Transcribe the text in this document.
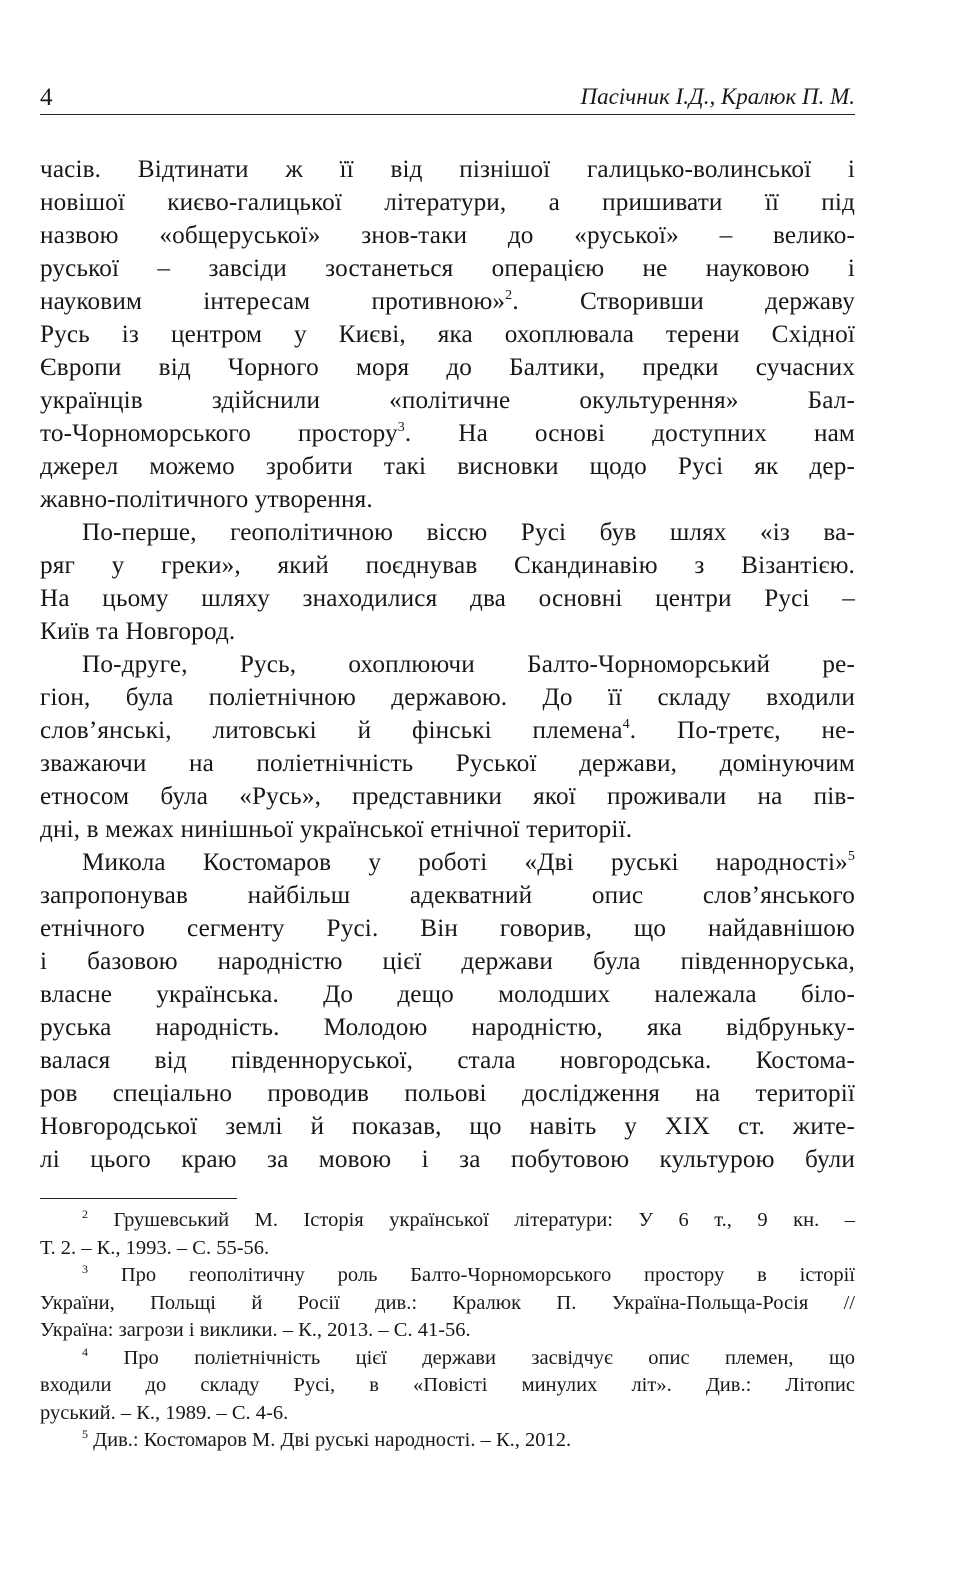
4	Пасічник І.Д., Кралюк П. М.
часів. Відтинати ж її від пізнішої галицько-волинської і
новішої києво-галицької літератури, а пришивати її під
назвою «общеруської» знов-таки до «руської» – велико-
руської – завсіди зостанеться операцією не науковою і
науковим інтересам противною»$^2$. Створивши державу
Русь із центром у Києві, яка охоплювала терени Східної
Європи від Чорного моря до Балтики, предки сучасних
українців здійснили «політичне окультурення» Бал-
то-Чорноморського простору$^3$. На основі доступних нам
джерел можемо зробити такі висновки щодо Русі як дер-
жавно-політичного утворення.
По-перше, геополітичною віссю Русі був шлях «із ва-
ряг у греки», який поєднував Скандинавію з Візантією.
На цьому шляху знаходилися два основні центри Русі –
Київ та Новгород.
По-друге, Русь, охоплюючи Балто-Чорноморський ре-
гіон, була поліетнічною державою. До її складу входили
слов’янські, литовські й фінські племена$^4$. По-третє, не-
зважаючи на поліетнічність Руської держави, домінуючим
етносом була «Русь», представники якої проживали на пів-
дні, в межах нинішньої української етнічної території.
Микола Костомаров у роботі «Дві руські народності»$^5$
запропонував найбільш адекватний опис слов’янського
етнічного сегменту Русі. Він говорив, що найдавнішою
і базовою народністю цієї держави була південноруська,
власне українська. До дещо молодших належала біло-
руська народність. Молодою народністю, яка відбруньку-
валася від південноруської, стала новгородська. Костома-
ров спеціально проводив польові дослідження на території
Новгородської землі й показав, що навіть у XIX ст. жите-
лі цього краю за мовою і за побутовою культурою були
$^2$ Грушевський М. Історія української літератури: У 6 т., 9 кн. –
Т. 2. – К., 1993. – С. 55-56.
$^3$ Про геополітичну роль Балто-Чорноморського простору в історії
України, Польщі й Росії див.: Кралюк П. Україна-Польща-Росія //
Україна: загрози і виклики. – К., 2013. – С. 41-56.
$^4$ Про поліетнічність цієї держави засвідчує опис племен, що
входили до складу Русі, в «Повісті минулих літ». Див.: Літопис
руський. – К., 1989. – С. 4-6.
$^5$ Див.: Костомаров М. Дві руські народності. – К., 2012.
